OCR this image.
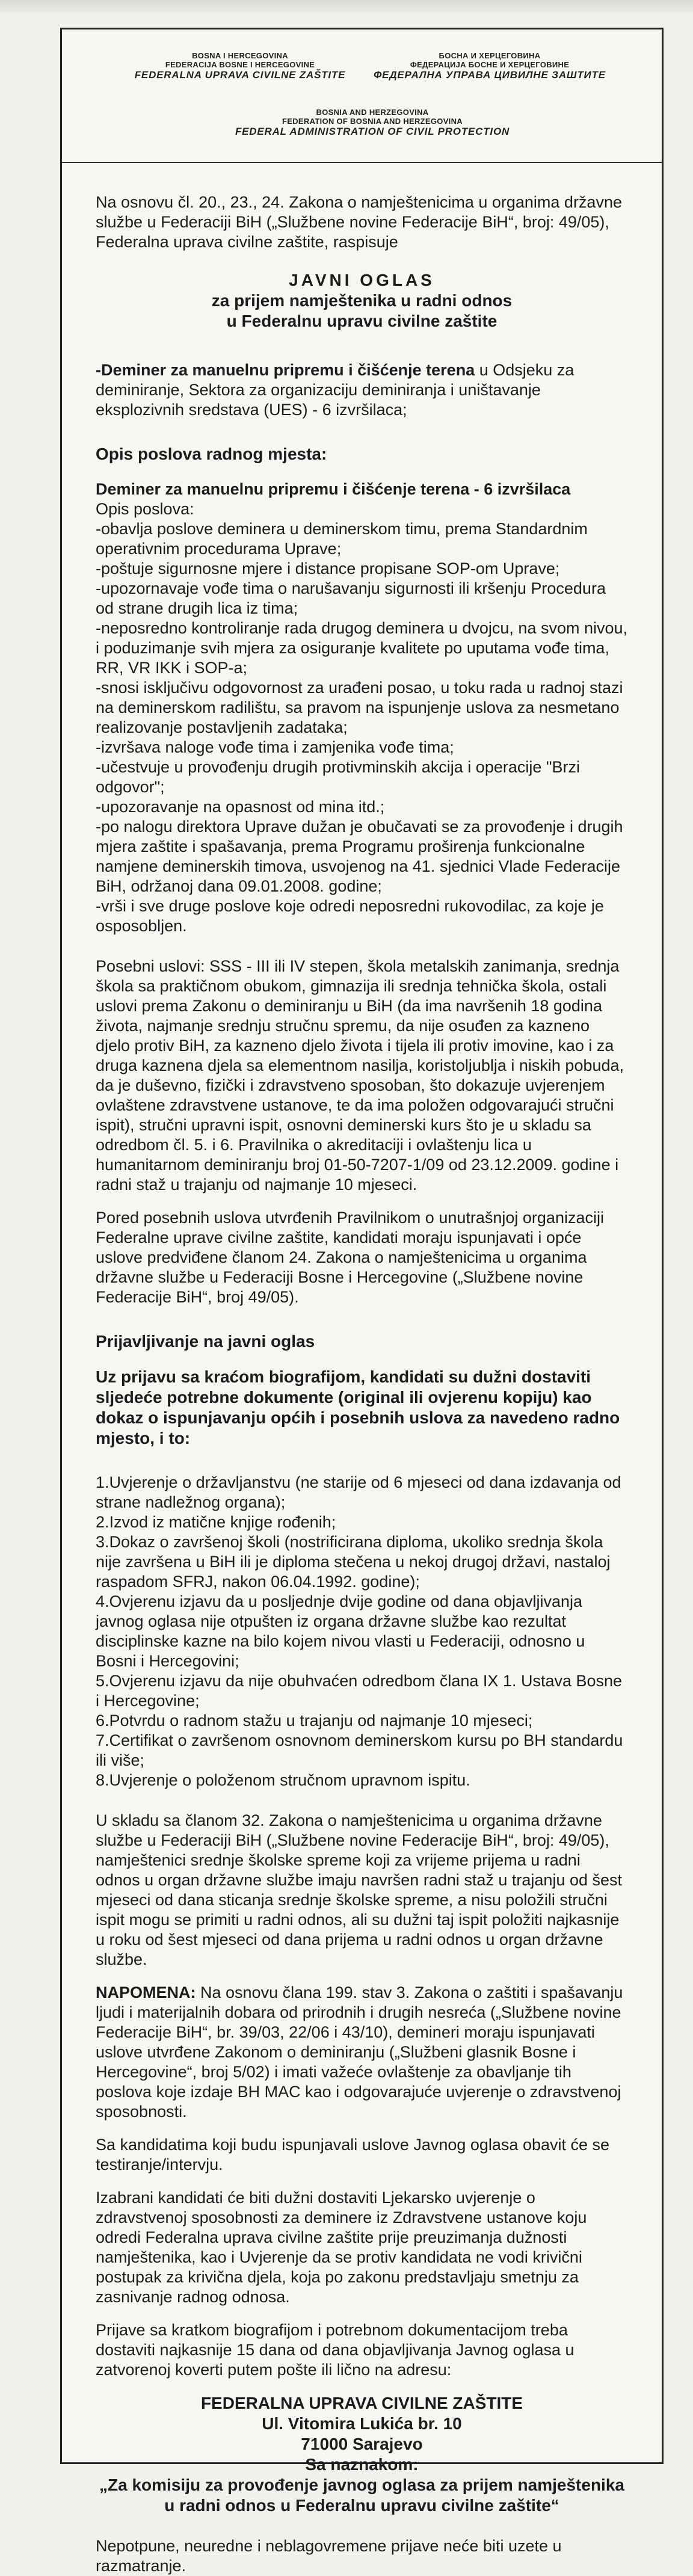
BOSNA I HERCEGOVINA
FEDERACIJA BOSNE I HERCEGOVINE
FEDERALNA UPRAVA CIVILNE ZAŠTITE
БОСНА И ХЕРЦЕГОВИНА
ФЕДЕРАЦИЈА БОСНЕ И ХЕРЦЕГОВИНЕ
ФЕДЕРАЛНА УПРАВА ЦИВИЛНЕ ЗАШТИТЕ
BOSNIA AND HERZEGOVINA
FEDERATION OF BOSNIA AND HERZEGOVINA
FEDERAL ADMINISTRATION OF CIVIL PROTECTION

Na osnovu čl. 20., 23., 24. Zakona o namještenicima u organima državne službe u Federaciji BiH („Službene novine Federacije BiH“, broj: 49/05), Federalna uprava civilne zaštite, raspisuje

JAVNI OGLAS
za prijem namještenika u radni odnos
u Federalnu upravu civilne zaštite

-Deminer za manuelnu pripremu i čišćenje terena u Odsjeku za deminiranje, Sektora za organizaciju deminiranja i uništavanje eksplozivnih sredstava (UES) - 6 izvršilaca;

Opis poslova radnog mjesta:
Deminer za manuelnu pripremu i čišćenje terena - 6 izvršilaca
Opis poslova:
-obavlja poslove deminera u deminerskom timu, prema Standardnim operativnim procedurama Uprave;
-poštuje sigurnosne mjere i distance propisane SOP-om Uprave;
-upozornavaje vođe tima o narušavanju sigurnosti ili kršenju Procedura od strane drugih lica iz tima;
-neposredno kontroliranje rada drugog deminera u dvojcu, na svom nivou, i poduzimanje svih mjera za osiguranje kvalitete po uputama vođe tima, RR, VR IKK i SOP-a;
-snosi isključivu odgovornost za urađeni posao, u toku rada u radnoj stazi na deminerskom radilištu, sa pravom na ispunjenje uslova za nesmetano realizovanje postavljenih zadataka;
-izvršava naloge vođe tima i zamjenika vođe tima;
-učestvuje u provođenju drugih protivminskih akcija i operacije "Brzi odgovor";
-upozoravanje na opasnost od mina itd.;
-po nalogu direktora Uprave dužan je obučavati se za provođenje i drugih mjera zaštite i spašavanja, prema Programu proširenja funkcionalne namjene deminerskih timova, usvojenog na 41. sjednici Vlade Federacije BiH, održanoj dana 09.01.2008. godine;
-vrši i sve druge poslove koje odredi neposredni rukovodilac, za koje je osposobljen.

Posebni uslovi: SSS - III ili IV stepen, škola metalskih zanimanja, srednja škola sa praktičnom obukom, gimnazija ili srednja tehnička škola, ostali uslovi prema Zakonu o deminiranju u BiH (da ima navršenih 18 godina života, najmanje srednju stručnu spremu, da nije osuđen za kazneno djelo protiv BiH, za kazneno djelo života i tijela ili protiv imovine, kao i za druga kaznena djela sa elementnom nasilja, koristoljublja i niskih pobuda, da je duševno, fizički i zdravstveno sposoban, što dokazuje uvjerenjem ovlaštene zdravstvene ustanove, te da ima položen odgovarajući stručni ispit), stručni upravni ispit, osnovni deminerski kurs što je u skladu sa odredbom čl. 5. i 6. Pravilnika o akreditaciji i ovlaštenju lica u humanitarnom deminiranju broj 01-50-7207-1/09 od 23.12.2009. godine i radni staž u trajanju od najmanje 10 mjeseci.

Pored posebnih uslova utvrđenih Pravilnikom o unutrašnjoj organizaciji Federalne uprave civilne zaštite, kandidati moraju ispunjavati i opće uslove predviđene članom 24. Zakona o namještenicima u organima državne službe u Federaciji Bosne i Hercegovine („Službene novine Federacije BiH“, broj 49/05).

Prijavljivanje na javni oglas
Uz prijavu sa kraćom biografijom, kandidati su dužni dostaviti sljedeće potrebne dokumente (original ili ovjerenu kopiju) kao dokaz o ispunjavanju općih i posebnih uslova za navedeno radno mjesto, i to:
1.Uvjerenje o državljanstvu (ne starije od 6 mjeseci od dana izdavanja od strane nadležnog organa);
2.Izvod iz matične knjige rođenih;
3.Dokaz o završenoj školi (nostrificirana diploma, ukoliko srednja škola nije završena u BiH ili je diploma stečena u nekoj drugoj državi, nastaloj raspadom SFRJ, nakon 06.04.1992. godine);
4.Ovjerenu izjavu da u posljednje dvije godine od dana objavljivanja javnog oglasa nije otpušten iz organa državne službe kao rezultat disciplinske kazne na bilo kojem nivou vlasti u Federaciji, odnosno u Bosni i Hercegovini;
5.Ovjerenu izjavu da nije obuhvaćen odredbom člana IX 1. Ustava Bosne i Hercegovine;
6.Potvrdu o radnom stažu u trajanju od najmanje 10 mjeseci;
7.Certifikat o završenom osnovnom deminerskom kursu po BH standardu ili više;
8.Uvjerenje o položenom stručnom upravnom ispitu.

U skladu sa članom 32. Zakona o namještenicima u organima državne službe u Federaciji BiH („Službene novine Federacije BiH“, broj: 49/05), namještenici srednje školske spreme koji za vrijeme prijema u radni odnos u organ državne službe imaju navršen radni staž u trajanju od šest mjeseci od dana sticanja srednje školske spreme, a nisu položili stručni ispit mogu se primiti u radni odnos, ali su dužni taj ispit položiti najkasnije u roku od šest mjeseci od dana prijema u radni odnos u organ državne službe.

NAPOMENA: Na osnovu člana 199. stav 3. Zakona o zaštiti i spašavanju ljudi i materijalnih dobara od prirodnih i drugih nesreća („Službene novine Federacije BiH“, br. 39/03, 22/06 i 43/10), demineri moraju ispunjavati uslove utvrđene Zakonom o deminiranju („Službeni glasnik Bosne i Hercegovine“, broj 5/02) i imati važeće ovlaštenje za obavljanje tih poslova koje izdaje BH MAC kao i odgovarajuće uvjerenje o zdravstvenoj sposobnosti.

Sa kandidatima koji budu ispunjavali uslove Javnog oglasa obavit će se testiranje/intervju.

Izabrani kandidati će biti dužni dostaviti Ljekarsko uvjerenje o zdravstvenoj sposobnosti za deminere iz Zdravstvene ustanove koju odredi Federalna uprava civilne zaštite prije preuzimanja dužnosti namještenika, kao i Uvjerenje da se protiv kandidata ne vodi krivični postupak za krivična djela, koja po zakonu predstavljaju smetnju za zasnivanje radnog odnosa.

Prijave sa kratkom biografijom i potrebnom dokumentacijom treba dostaviti najkasnije 15 dana od dana objavljivanja Javnog oglasa u zatvorenoj koverti putem pošte ili lično na adresu:

FEDERALNA UPRAVA CIVILNE ZAŠTITE
Ul. Vitomira Lukića br. 10
71000 Sarajevo
Sa naznakom:
„Za komisiju za provođenje javnog oglasa za prijem namještenika u radni odnos u Federalnu upravu civilne zaštite“

Nepotpune, neuredne i neblagovremene prijave neće biti uzete u razmatranje.
